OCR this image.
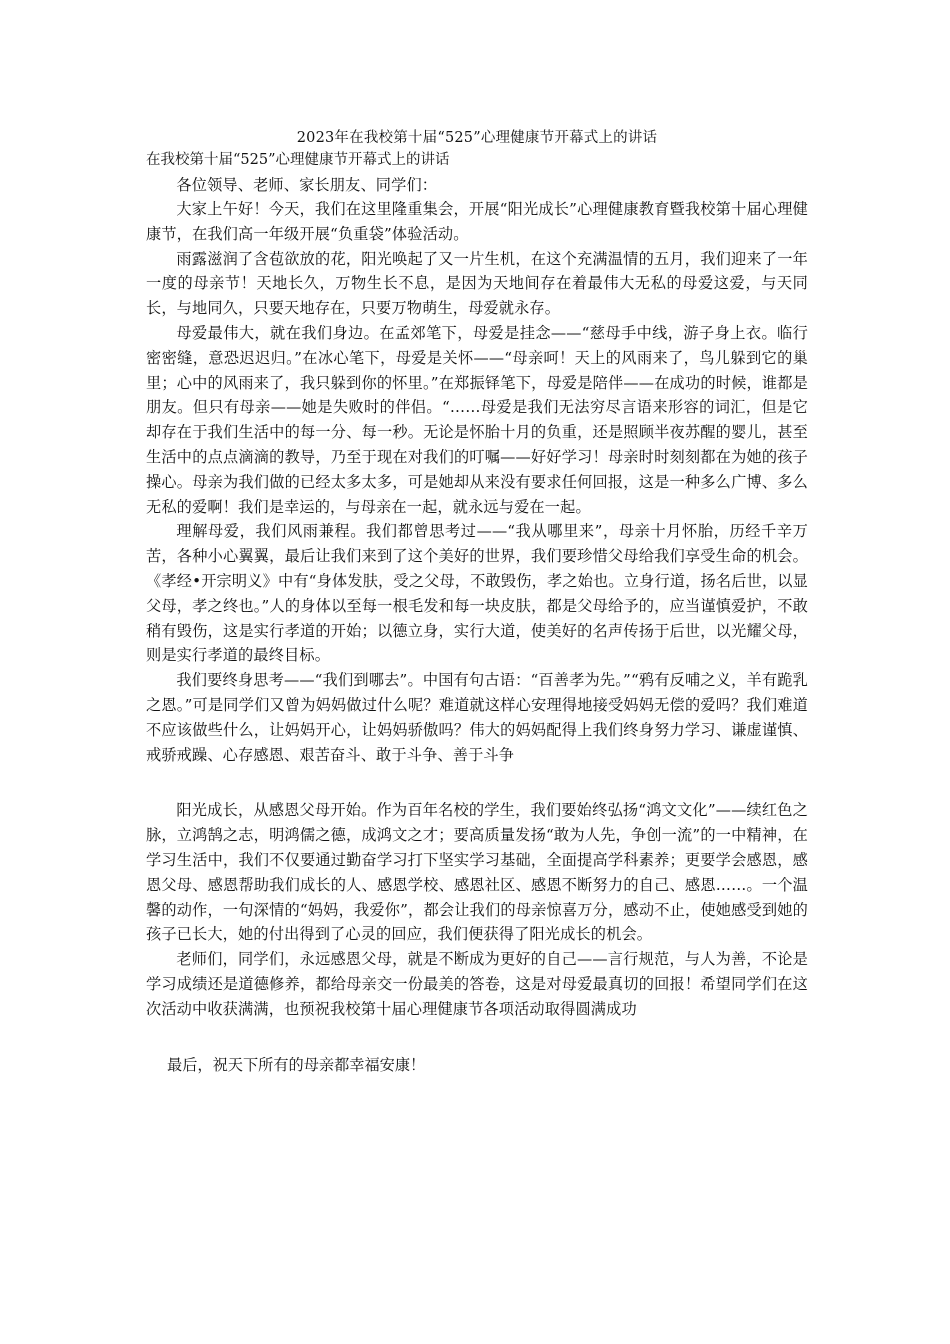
2023年在我校第十届“525”心理健康节开幕式上的讲话

在我校第十届“525”心理健康节开幕式上的讲话

各位领导、老师、家长朋友、同学们：

大家上午好！今天，我们在这里隆重集会，开展“阳光成长”心理健康教育暨我校第十届心理健康节，在我们高一年级开展“负重袋”体验活动。

雨露滋润了含苞欲放的花，阳光唤起了又一片生机，在这个充满温情的五月，我们迎来了一年一度的母亲节！天地长久，万物生长不息，是因为天地间存在着最伟大无私的母爱这爱，与天同长，与地同久，只要天地存在，只要万物萌生，母爱就永存。

母爱最伟大，就在我们身边。在孟郊笔下，母爱是挂念——“慈母手中线，游子身上衣。临行密密缝，意恐迟迟归。”在冰心笔下，母爱是关怀——“母亲呵！天上的风雨来了，鸟儿躲到它的巢里；心中的风雨来了，我只躲到你的怀里。”在郑振铎笔下，母爱是陪伴——在成功的时候，谁都是朋友。但只有母亲——她是失败时的伴侣。“……母爱是我们无法穷尽言语来形容的词汇，但是它却存在于我们生活中的每一分、每一秒。无论是怀胎十月的负重，还是照顾半夜苏醒的婴儿，甚至生活中的点点滴滴的教导，乃至于现在对我们的叮嘱——好好学习！母亲时时刻刻都在为她的孩子操心。母亲为我们做的已经太多太多，可是她却从来没有要求任何回报，这是一种多么广博、多么无私的爱啊！我们是幸运的，与母亲在一起，就永远与爱在一起。

理解母爱，我们风雨兼程。我们都曾思考过——“我从哪里来”，母亲十月怀胎，历经千辛万苦，各种小心翼翼，最后让我们来到了这个美好的世界，我们要珍惜父母给我们享受生命的机会。《孝经•开宗明义》中有“身体发肤，受之父母，不敢毁伤，孝之始也。立身行道，扬名后世，以显父母，孝之终也。”人的身体以至每一根毛发和每一块皮肤，都是父母给予的，应当谨慎爱护，不敢稍有毁伤，这是实行孝道的开始；以德立身，实行大道，使美好的名声传扬于后世，以光耀父母，则是实行孝道的最终目标。

我们要终身思考——“我们到哪去”。中国有句古语：“百善孝为先。”“鸦有反哺之义，羊有跪乳之恩。”可是同学们又曾为妈妈做过什么呢？难道就这样心安理得地接受妈妈无偿的爱吗？我们难道不应该做些什么，让妈妈开心，让妈妈骄傲吗？伟大的妈妈配得上我们终身努力学习、谦虚谨慎、戒骄戒躁、心存感恩、艰苦奋斗、敢于斗争、善于斗争

阳光成长，从感恩父母开始。作为百年名校的学生，我们要始终弘扬“鸿文文化”——续红色之脉，立鸿鹄之志，明鸿儒之德，成鸿文之才；要高质量发扬“敢为人先，争创一流”的一中精神，在学习生活中，我们不仅要通过勤奋学习打下坚实学习基础，全面提高学科素养；更要学会感恩，感恩父母、感恩帮助我们成长的人、感恩学校、感恩社区、感恩不断努力的自己、感恩……。一个温馨的动作，一句深情的“妈妈，我爱你”，都会让我们的母亲惊喜万分，感动不止，使她感受到她的孩子已长大，她的付出得到了心灵的回应，我们便获得了阳光成长的机会。

老师们，同学们，永远感恩父母，就是不断成为更好的自己——言行规范，与人为善，不论是学习成绩还是道德修养，都给母亲交一份最美的答卷，这是对母爱最真切的回报！希望同学们在这次活动中收获满满，也预祝我校第十届心理健康节各项活动取得圆满成功

最后，祝天下所有的母亲都幸福安康！
